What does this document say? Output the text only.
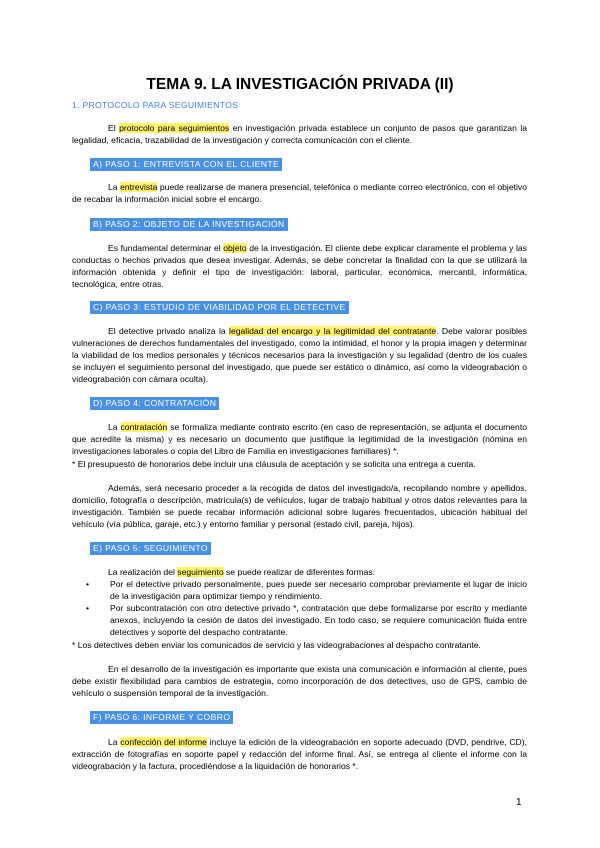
TEMA 9. LA INVESTIGACIÓN PRIVADA (II)

1. PROTOCOLO PARA SEGUIMIENTOS

El protocolo para seguimientos en investigación privada establece un conjunto de pasos que garantizan la legalidad, eficacia, trazabilidad de la investigación y correcta comunicación con el cliente.

A) PASO 1: ENTREVISTA CON EL CLIENTE

La entrevista puede realizarse de manera presencial, telefónica o mediante correo electrónico, con el objetivo de recabar la información inicial sobre el encargo.

B) PASO 2: OBJETO DE LA INVESTIGACIÓN

Es fundamental determinar el objeto de la investigación. El cliente debe explicar claramente el problema y las conductas o hechos privados que desea investigar. Además, se debe concretar la finalidad con la que se utilizará la información obtenida y definir el tipo de investigación: laboral, particular, económica, mercantil, informática, tecnológica, entre otras.

C) PASO 3: ESTUDIO DE VIABILIDAD POR EL DETECTIVE

El detective privado analiza la legalidad del encargo y la legitimidad del contratante. Debe valorar posibles vulneraciones de derechos fundamentales del investigado, como la intimidad, el honor y la propia imagen y determinar la viabilidad de los medios personales y técnicos necesarios para la investigación y su legalidad (dentro de los cuales se incluyen el seguimiento personal del investigado, que puede ser estático o dinámico, así como la videograbación o videograbación con cámara oculta).

D) PASO 4: CONTRATACIÓN

La contratación se formaliza mediante contrato escrito (en caso de representación, se adjunta el documento que acredite la misma) y es necesario un documento que justifique la legitimidad de la investigación (nómina en investigaciones laborales o copia del Libro de Familia en investigaciones familiares) *.

* El presupuesto de honorarios debe incluir una cláusula de aceptación y se solicita una entrega a cuenta.

Además, será necesario proceder a la recogida de datos del investigado/a, recopilando nombre y apellidos, domicilio, fotografía o descripción, matrícula(s) de vehículos, lugar de trabajo habitual y otros datos relevantes para la investigación. También se puede recabar información adicional sobre lugares frecuentados, ubicación habitual del vehículo (vía pública, garaje, etc.) y entorno familiar y personal (estado civil, pareja, hijos).

E) PASO 5: SEGUIMIENTO

La realización del seguimiento se puede realizar de diferentes formas:

• Por el detective privado personalmente, pues puede ser necesario comprobar previamente el lugar de inicio de la investigación para optimizar tiempo y rendimiento.
• Por subcontratación con otro detective privado *, contratación que debe formalizarse por escrito y mediante anexos, incluyendo la cesión de datos del investigado. En todo caso, se requiere comunicación fluida entre detectives y soporte del despacho contratante.

* Los detectives deben enviar los comunicados de servicio y las videograbaciones al despacho contratante.

En el desarrollo de la investigación es importante que exista una comunicación e información al cliente, pues debe existir flexibilidad para cambios de estrategia, como incorporación de dos detectives, uso de GPS, cambio de vehículo o suspensión temporal de la investigación.

F) PASO 6: INFORME Y COBRO

La confección del informe incluye la edición de la videograbación en soporte adecuado (DVD, pendrive, CD), extracción de fotografías en soporte papel y redacción del informe final. Así, se entrega al cliente el informe con la videograbación y la factura, procediéndose a la liquidación de honorarios *.

1
